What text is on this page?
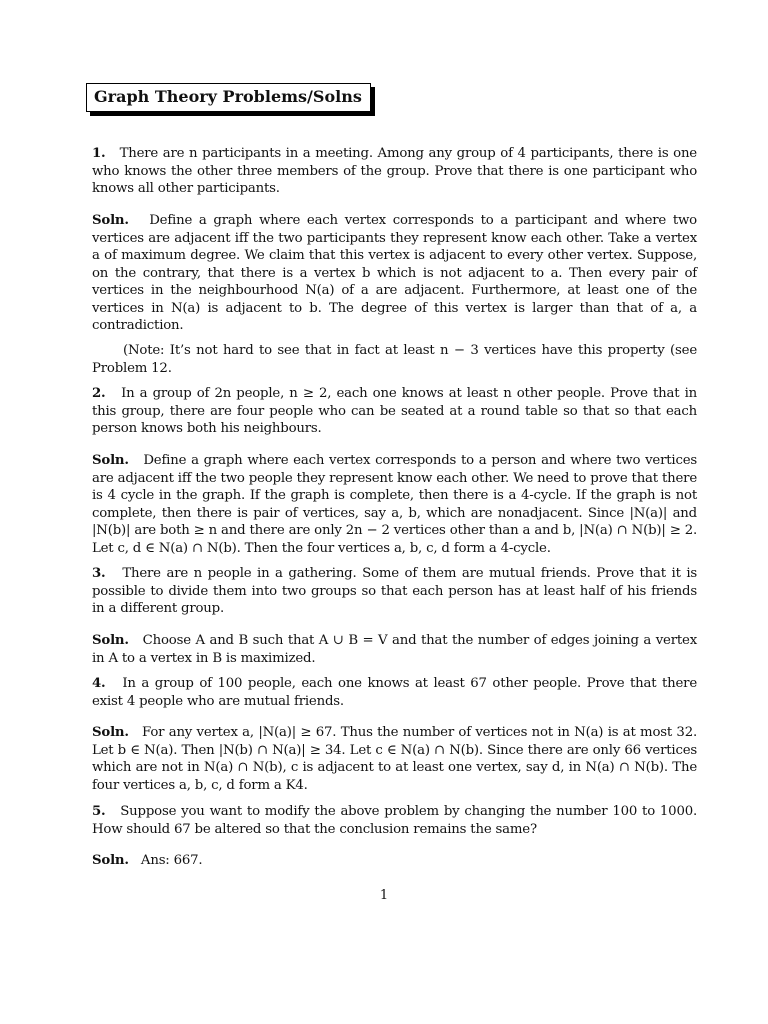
Graph Theory Problems/Solns
1. There are n participants in a meeting. Among any group of 4 participants, there is one who knows the other three members of the group. Prove that there is one participant who knows all other participants.
Soln. Define a graph where each vertex corresponds to a participant and where two vertices are adjacent iff the two participants they represent know each other. Take a vertex a of maximum degree. We claim that this vertex is adjacent to every other vertex. Suppose, on the contrary, that there is a vertex b which is not adjacent to a. Then every pair of vertices in the neighbourhood N(a) of a are adjacent. Furthermore, at least one of the vertices in N(a) is adjacent to b. The degree of this vertex is larger than that of a, a contradiction.
(Note: It’s not hard to see that in fact at least n − 3 vertices have this property (see Problem 12.
2. In a group of 2n people, n ≥ 2, each one knows at least n other people. Prove that in this group, there are four people who can be seated at a round table so that so that each person knows both his neighbours.
Soln. Define a graph where each vertex corresponds to a person and where two vertices are adjacent iff the two people they represent know each other. We need to prove that there is 4 cycle in the graph. If the graph is complete, then there is a 4-cycle. If the graph is not complete, then there is pair of vertices, say a, b, which are nonadjacent. Since |N(a)| and |N(b)| are both ≥ n and there are only 2n − 2 vertices other than a and b, |N(a) ∩ N(b)| ≥ 2. Let c, d ∈ N(a) ∩ N(b). Then the four vertices a, b, c, d form a 4-cycle.
3. There are n people in a gathering. Some of them are mutual friends. Prove that it is possible to divide them into two groups so that each person has at least half of his friends in a different group.
Soln. Choose A and B such that A ∪ B = V and that the number of edges joining a vertex in A to a vertex in B is maximized.
4. In a group of 100 people, each one knows at least 67 other people. Prove that there exist 4 people who are mutual friends.
Soln. For any vertex a, |N(a)| ≥ 67. Thus the number of vertices not in N(a) is at most 32. Let b ∈ N(a). Then |N(b) ∩ N(a)| ≥ 34. Let c ∈ N(a) ∩ N(b). Since there are only 66 vertices which are not in N(a) ∩ N(b), c is adjacent to at least one vertex, say d, in N(a) ∩ N(b). The four vertices a, b, c, d form a K4.
5. Suppose you want to modify the above problem by changing the number 100 to 1000. How should 67 be altered so that the conclusion remains the same?
Soln. Ans: 667.
1
